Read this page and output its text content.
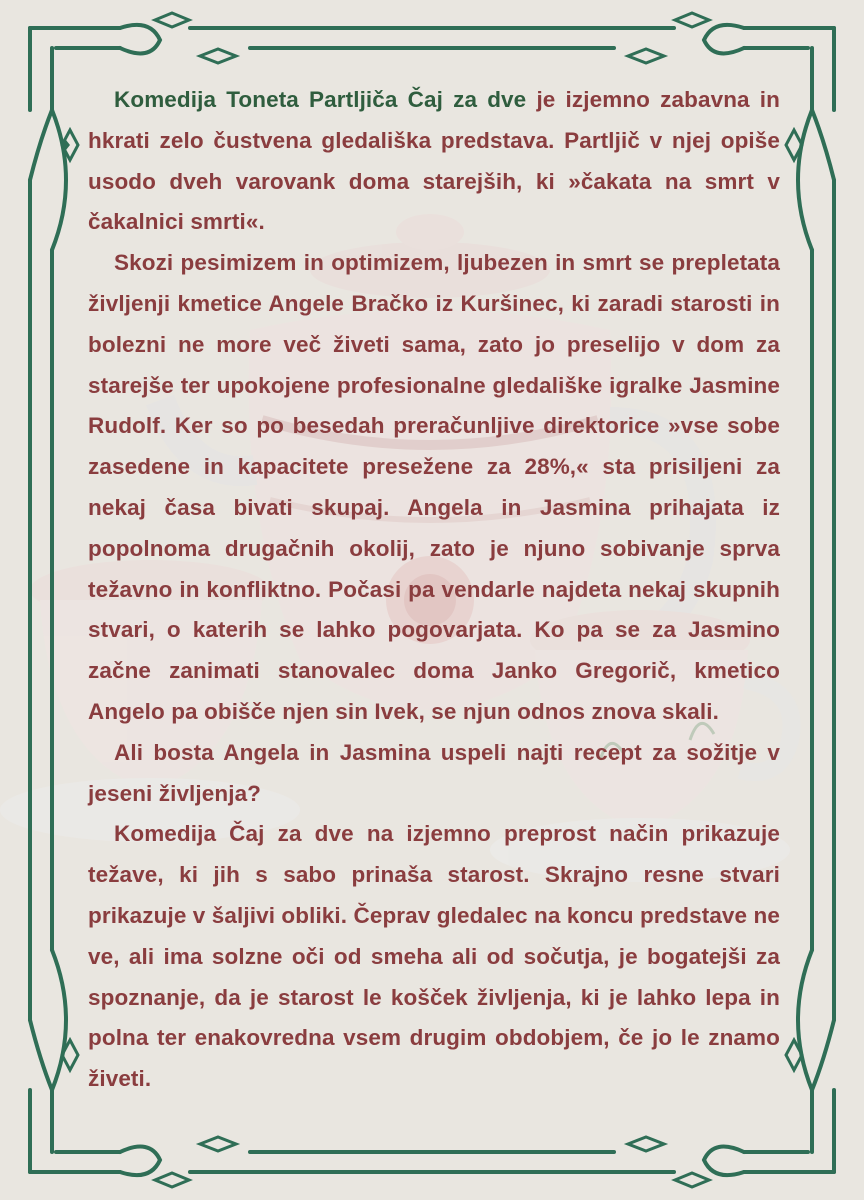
Komedija Toneta Partljiča Čaj za dve je izjemno zabavna in hkrati zelo čustvena gledališka predstava. Partljič v njej opiše usodo dveh varovank doma starejših, ki »čakata na smrt v čakalnici smrti«.

Skozi pesimizem in optimizem, ljubezen in smrt se prepletata življenji kmetice Angele Bračko iz Kuršinec, ki zaradi starosti in bolezni ne more več živeti sama, zato jo preselijo v dom za starejše ter upokojene profesionalne gledališke igralke Jasmine Rudolf. Ker so po besedah preračunljive direktorice »vse sobe zasedene in kapacitete presežene za 28%,« sta prisiljeni za nekaj časa bivati skupaj. Angela in Jasmina prihajata iz popolnoma drugačnih okolij, zato je njuno sobivanje sprva težavno in konfliktno. Počasi pa vendarle najdeta nekaj skupnih stvari, o katerih se lahko pogovarjata. Ko pa se za Jasmino začne zanimati stanovalec doma Janko Gregorič, kmetico Angelo pa obišče njen sin Ivek, se njun odnos znova skali.

Ali bosta Angela in Jasmina uspeli najti recept za sožitje v jeseni življenja?

Komedija Čaj za dve na izjemno preprost način prikazuje težave, ki jih s sabo prinaša starost. Skrajno resne stvari prikazuje v šaljivi obliki. Čeprav gledalec na koncu predstave ne ve, ali ima solzne oči od smeha ali od sočutja, je bogatejši za spoznanje, da je starost le košček življenja, ki je lahko lepa in polna ter enakovredna vsem drugim obdobjem, če jo le znamo živeti.
